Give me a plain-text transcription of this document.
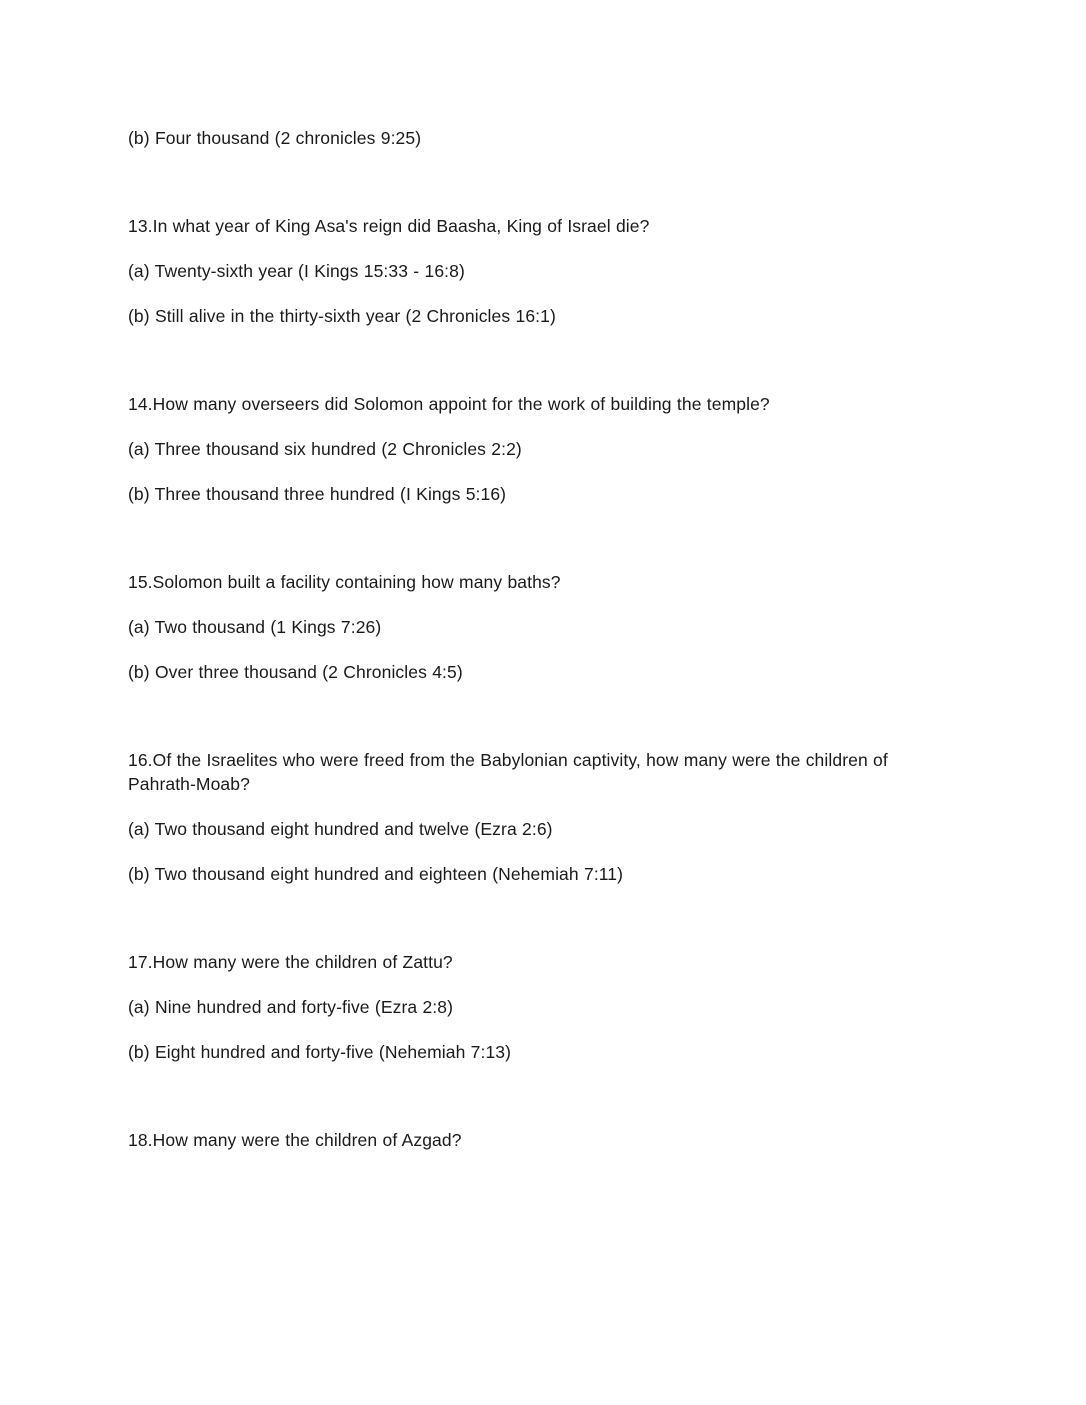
(b) Four thousand (2 chronicles 9:25)

13.In what year of King Asa's reign did Baasha, King of Israel die?

(a) Twenty-sixth year (I Kings 15:33 - 16:8)

(b) Still alive in the thirty-sixth year (2 Chronicles 16:1)

14.How many overseers did Solomon appoint for the work of building the temple?

(a) Three thousand six hundred (2 Chronicles 2:2)

(b) Three thousand three hundred (I Kings 5:16)

15.Solomon built a facility containing how many baths?

(a) Two thousand (1 Kings 7:26)

(b) Over three thousand (2 Chronicles 4:5)

16.Of the Israelites who were freed from the Babylonian captivity, how many were the children of Pahrath-Moab?

(a) Two thousand eight hundred and twelve (Ezra 2:6)

(b) Two thousand eight hundred and eighteen (Nehemiah 7:11)

17.How many were the children of Zattu?

(a) Nine hundred and forty-five (Ezra 2:8)

(b) Eight hundred and forty-five (Nehemiah 7:13)

18.How many were the children of Azgad?
